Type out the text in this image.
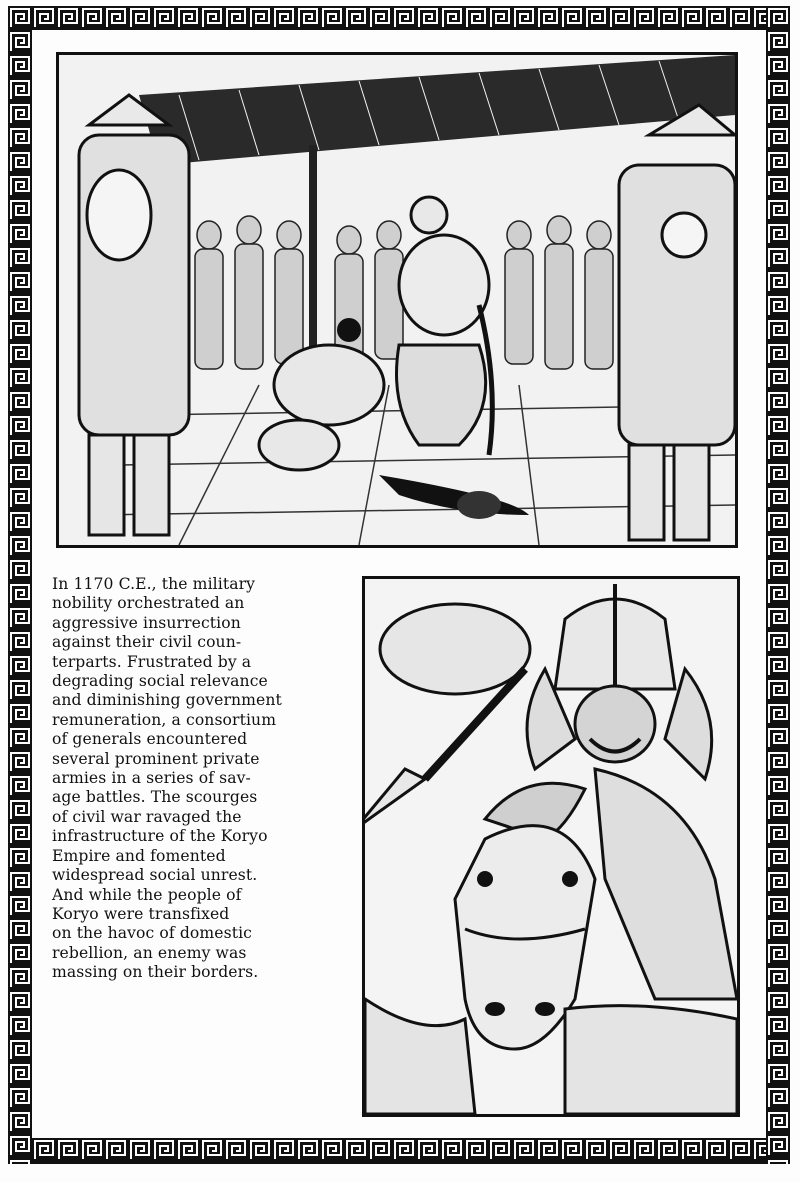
In 1170 C.E., the military
nobility orchestrated an
aggressive insurrection
against their civil coun-
terparts. Frustrated by a
degrading social relevance
and diminishing government
remuneration, a consortium
of generals encountered
several prominent private
armies in a series of sav-
age battles. The scourges
of civil war ravaged the
infrastructure of the Koryo
Empire and fomented
widespread social unrest.
And while the people of
Koryo were transfixed
on the havoc of domestic
rebellion, an enemy was
massing on their borders.
